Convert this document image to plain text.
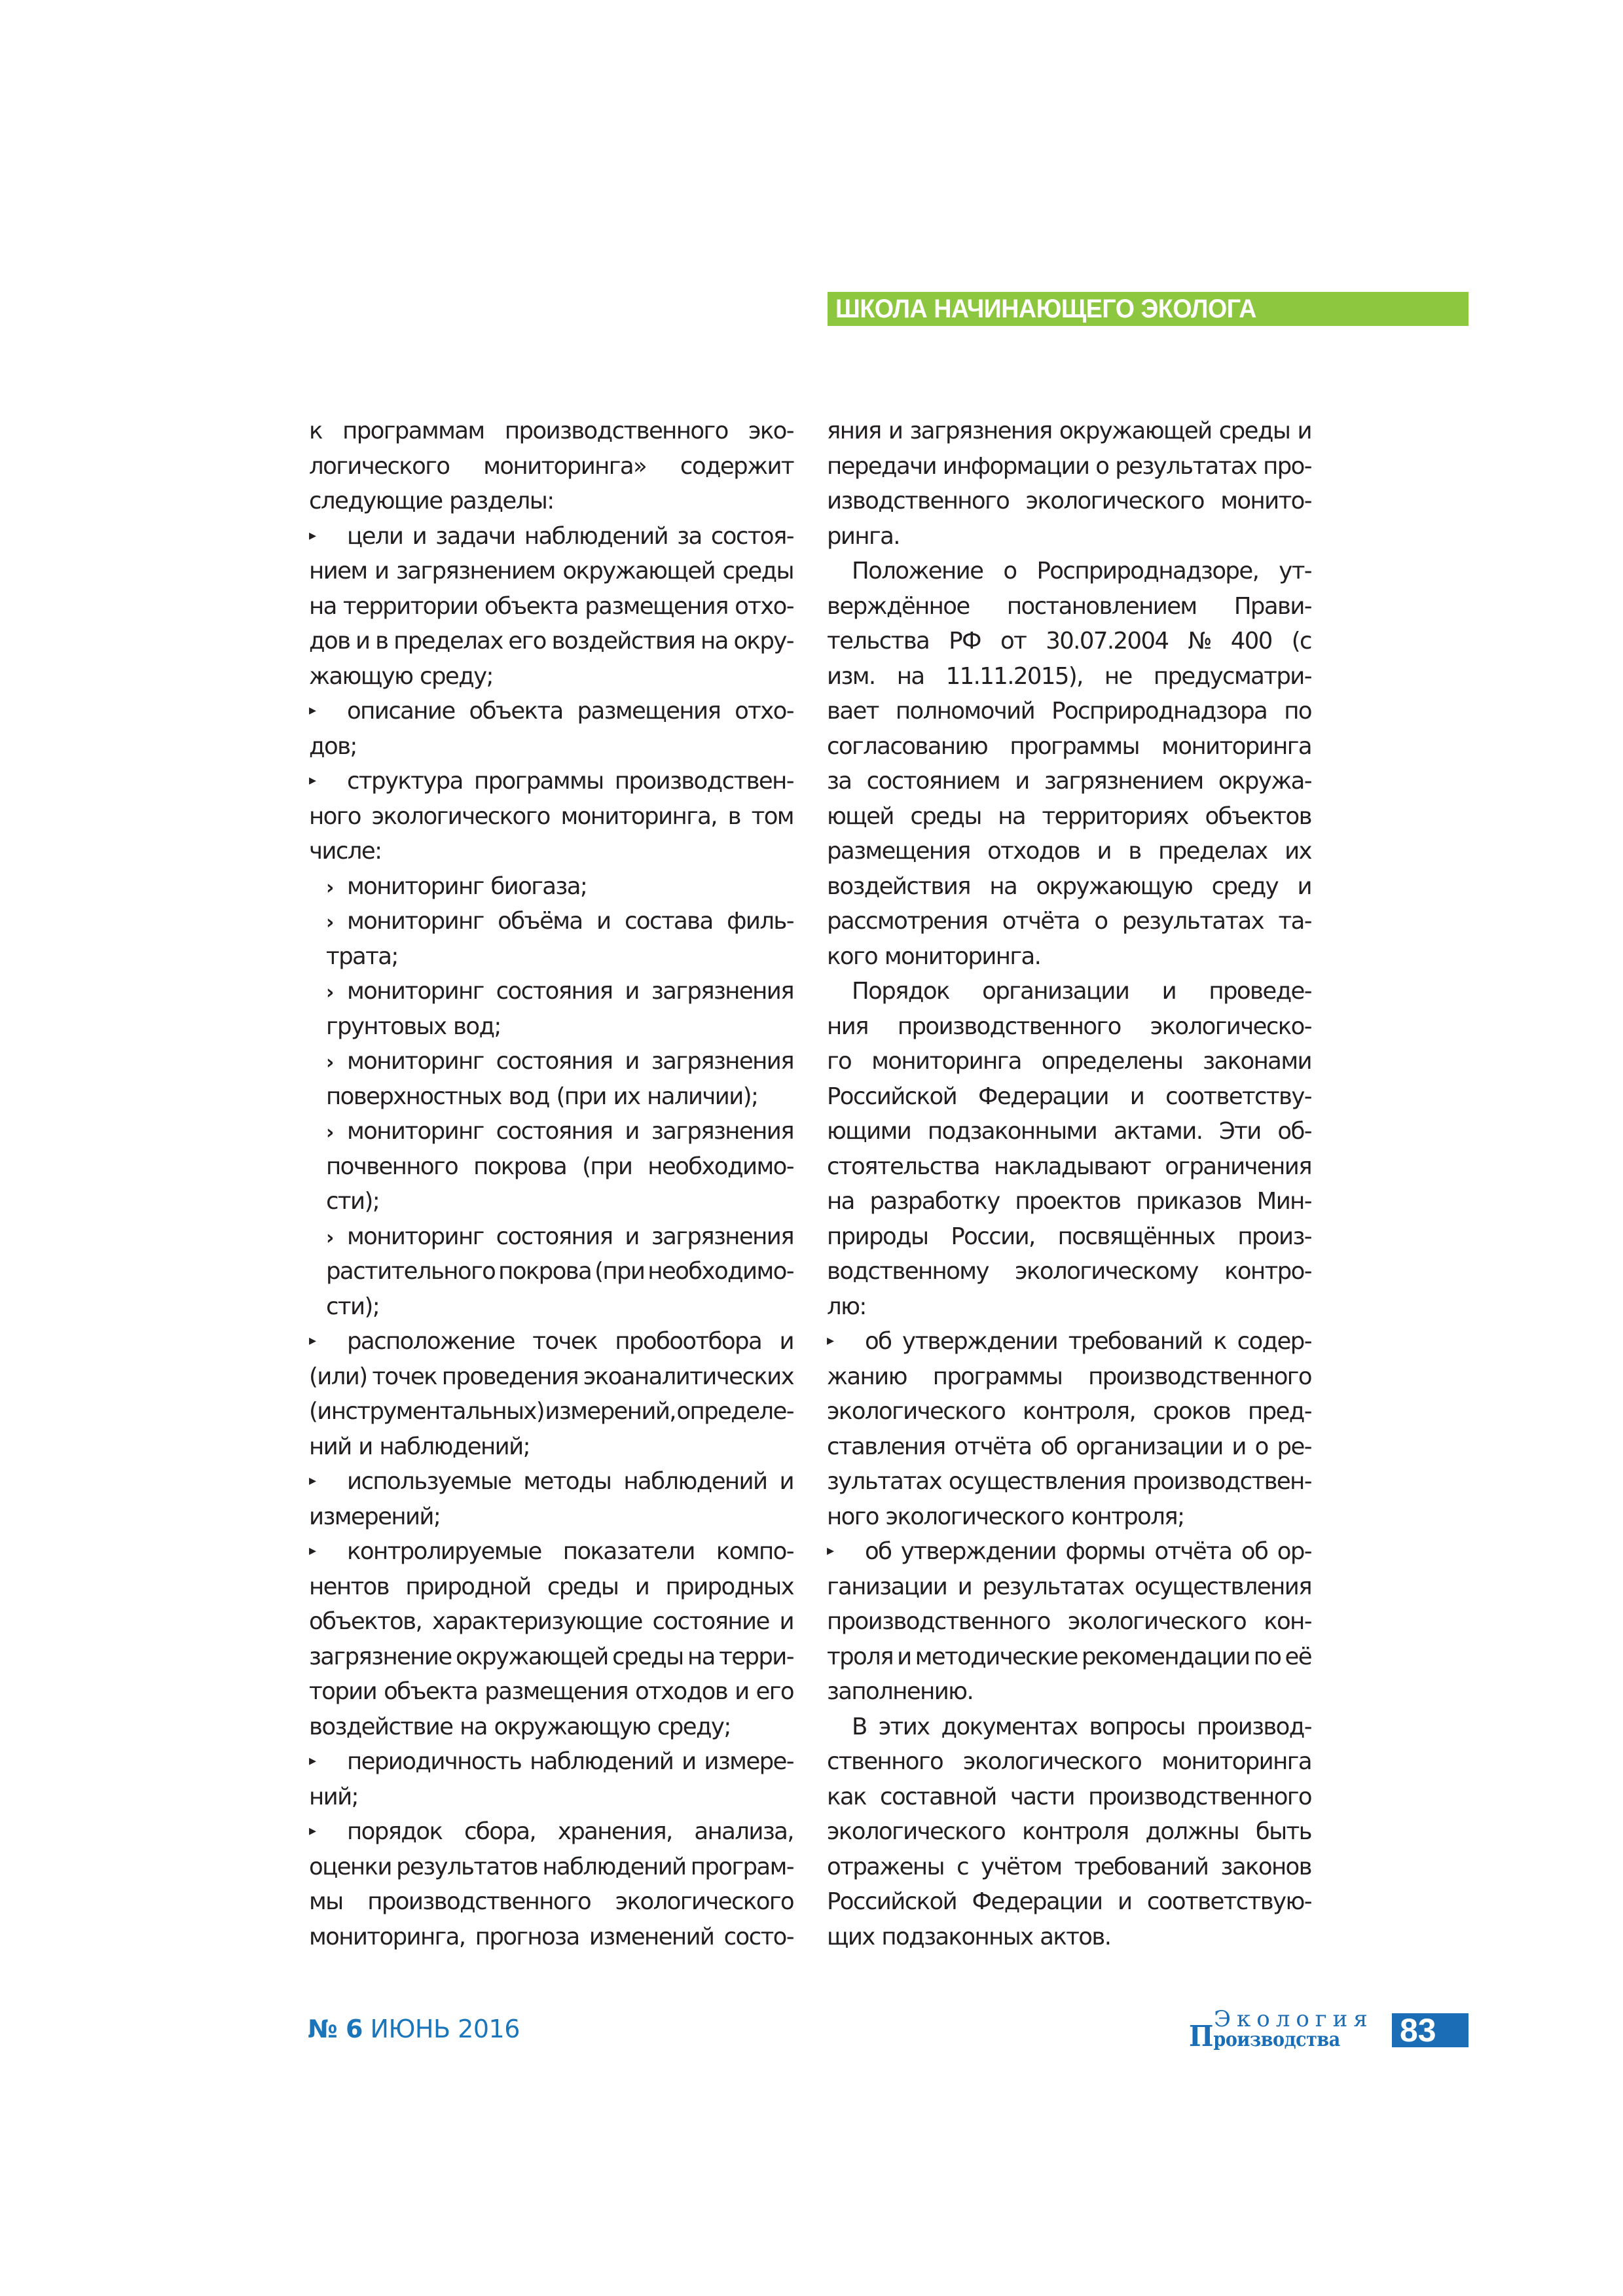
ШКОЛА НАЧИНАЮЩЕГО ЭКОЛОГА
к программам производственного эко-
логического мониторинга» содержит
следующие разделы:
▸ цели и задачи наблюдений за состоя-
нием и загрязнением окружающей среды
на территории объекта размещения отхо-
дов и в пределах его воздействия на окру-
жающую среду;
▸ описание объекта размещения отхо-
дов;
▸ структура программы производствен-
ного экологического мониторинга, в том
числе:
› мониторинг биогаза;
› мониторинг объёма и состава филь-
трата;
› мониторинг состояния и загрязнения
грунтовых вод;
› мониторинг состояния и загрязнения
поверхностных вод (при их наличии);
› мониторинг состояния и загрязнения
почвенного покрова (при необходимо-
сти);
› мониторинг состояния и загрязнения
растительного покрова (при необходимо-
сти);
▸ расположение точек пробоотбора и
(или) точек проведения экоаналитических
(инструментальных) измерений, определе-
ний и наблюдений;
▸ используемые методы наблюдений и
измерений;
▸ контролируемые показатели компо-
нентов природной среды и природных
объектов, характеризующие состояние и
загрязнение окружающей среды на терри-
тории объекта размещения отходов и его
воздействие на окружающую среду;
▸ периодичность наблюдений и измере-
ний;
▸ порядок сбора, хранения, анализа,
оценки результатов наблюдений програм-
мы производственного экологического
мониторинга, прогноза изменений состо-
яния и загрязнения окружающей среды и
передачи информации о результатах про-
изводственного экологического монито-
ринга.
Положение о Росприроднадзоре, ут-
верждённое постановлением Прави-
тельства РФ от 30.07.2004 № 400 (с
изм. на 11.11.2015), не предусматри-
вает полномочий Росприроднадзора по
согласованию программы мониторинга
за состоянием и загрязнением окружа-
ющей среды на территориях объектов
размещения отходов и в пределах их
воздействия на окружающую среду и
рассмотрения отчёта о результатах та-
кого мониторинга.
Порядок организации и проведе-
ния производственного экологическо-
го мониторинга определены законами
Российской Федерации и соответству-
ющими подзаконными актами. Эти об-
стоятельства накладывают ограничения
на разработку проектов приказов Мин-
природы России, посвящённых произ-
водственному экологическому контро-
лю:
▸ об утверждении требований к содер-
жанию программы производственного
экологического контроля, сроков пред-
ставления отчёта об организации и о ре-
зультатах осуществления производствен-
ного экологического контроля;
▸ об утверждении формы отчёта об ор-
ганизации и результатах осуществления
производственного экологического кон-
троля и методические рекомендации по её
заполнению.
В этих документах вопросы производ-
ственного экологического мониторинга
как составной части производственного
экологического контроля должны быть
отражены с учётом требований законов
Российской Федерации и соответствую-
щих подзаконных актов.
№ 6 ИЮНЬ 2016	Экология
Производства 83
